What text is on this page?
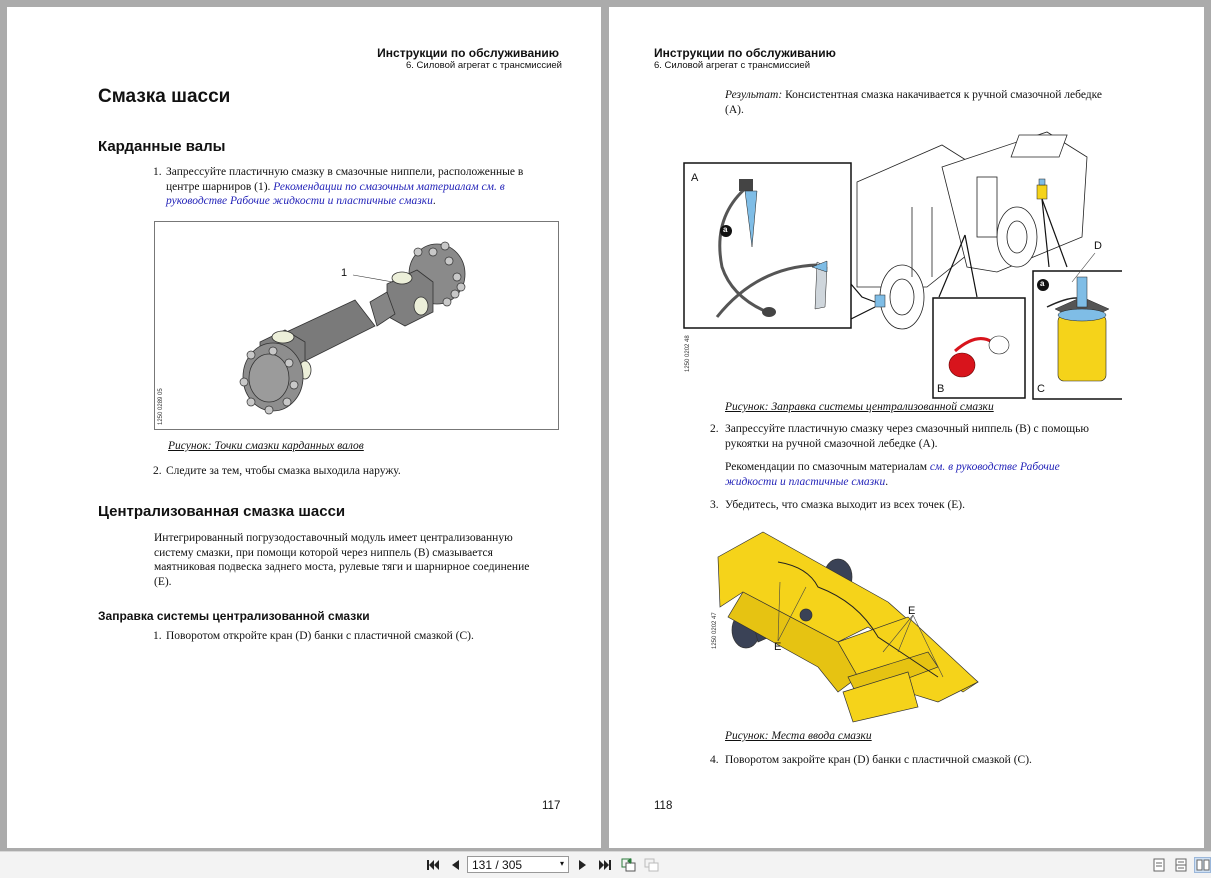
Инструкции по обслуживанию
6. Силовой агрегат с трансмиссией
Смазка шасси
Карданные валы
1. Запрессуйте пластичную смазку в смазочные ниппели, расположенные в центре шарниров (1). Рекомендации по смазочным материалам см. в руководстве Рабочие жидкости и пластичные смазки.
1
1250 0289 05
Рисунок: Точки смазки карданных валов
2. Следите за тем, чтобы смазка выходила наружу.
Централизованная смазка шасси
Интегрированный погрузодоставочный модуль имеет централизованную систему смазки, при помощи которой через ниппель (B) смазывается маятниковая подвеска заднего моста, рулевые тяги и шарнирное соединение (E).
Заправка системы централизованной смазки
1. Поворотом откройте кран (D) банки с пластичной смазкой (C).
117
Инструкции по обслуживанию
6. Силовой агрегат с трансмиссией
Результат: Консистентная смазка накачивается к ручной смазочной лебедке (A).
A
a
B	C
D
a
1250 0202 48
Рисунок: Заправка системы централизованной смазки
2. Запрессуйте пластичную смазку через смазочный ниппель (B) с помощью рукоятки на ручной смазочной лебедке (A).
Рекомендации по смазочным материалам см. в руководстве Рабочие жидкости и пластичные смазки.
3. Убедитесь, что смазка выходит из всех точек (E).
E
E
1250 0202 47
Рисунок: Места ввода смазки
4. Поворотом закройте кран (D) банки с пластичной смазкой (C).
118
131 / 305	▾
